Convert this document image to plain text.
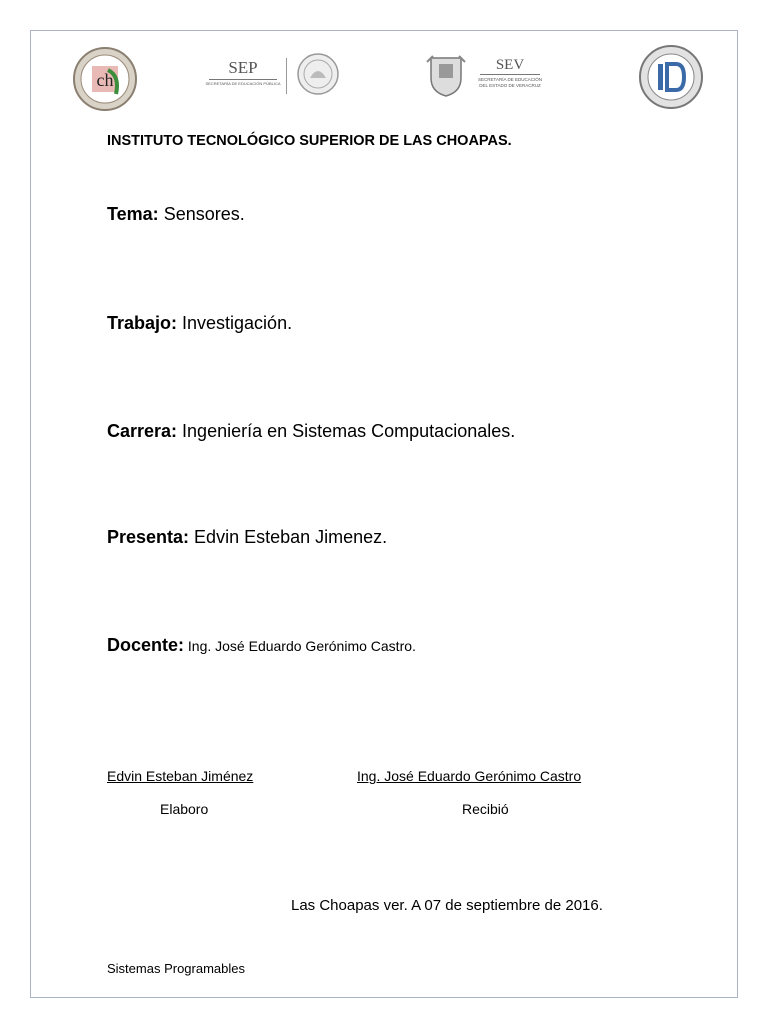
ch
SEP
SECRETARÍA DE EDUCACIÓN PÚBLICA
SEV
SECRETARÍA DE EDUCACIÓN
DEL ESTADO DE VERACRUZ
INSTITUTO TECNOLÓGICO SUPERIOR DE LAS CHOAPAS.
Tema: Sensores.
Trabajo: Investigación.
Carrera: Ingeniería en Sistemas Computacionales.
Presenta: Edvin Esteban Jimenez.
Docente: Ing. José Eduardo Gerónimo Castro.
Edvin Esteban Jiménez
Elaboro
Ing. José Eduardo Gerónimo Castro
Recibió
Las Choapas ver. A 07 de septiembre de 2016.
Sistemas Programables
